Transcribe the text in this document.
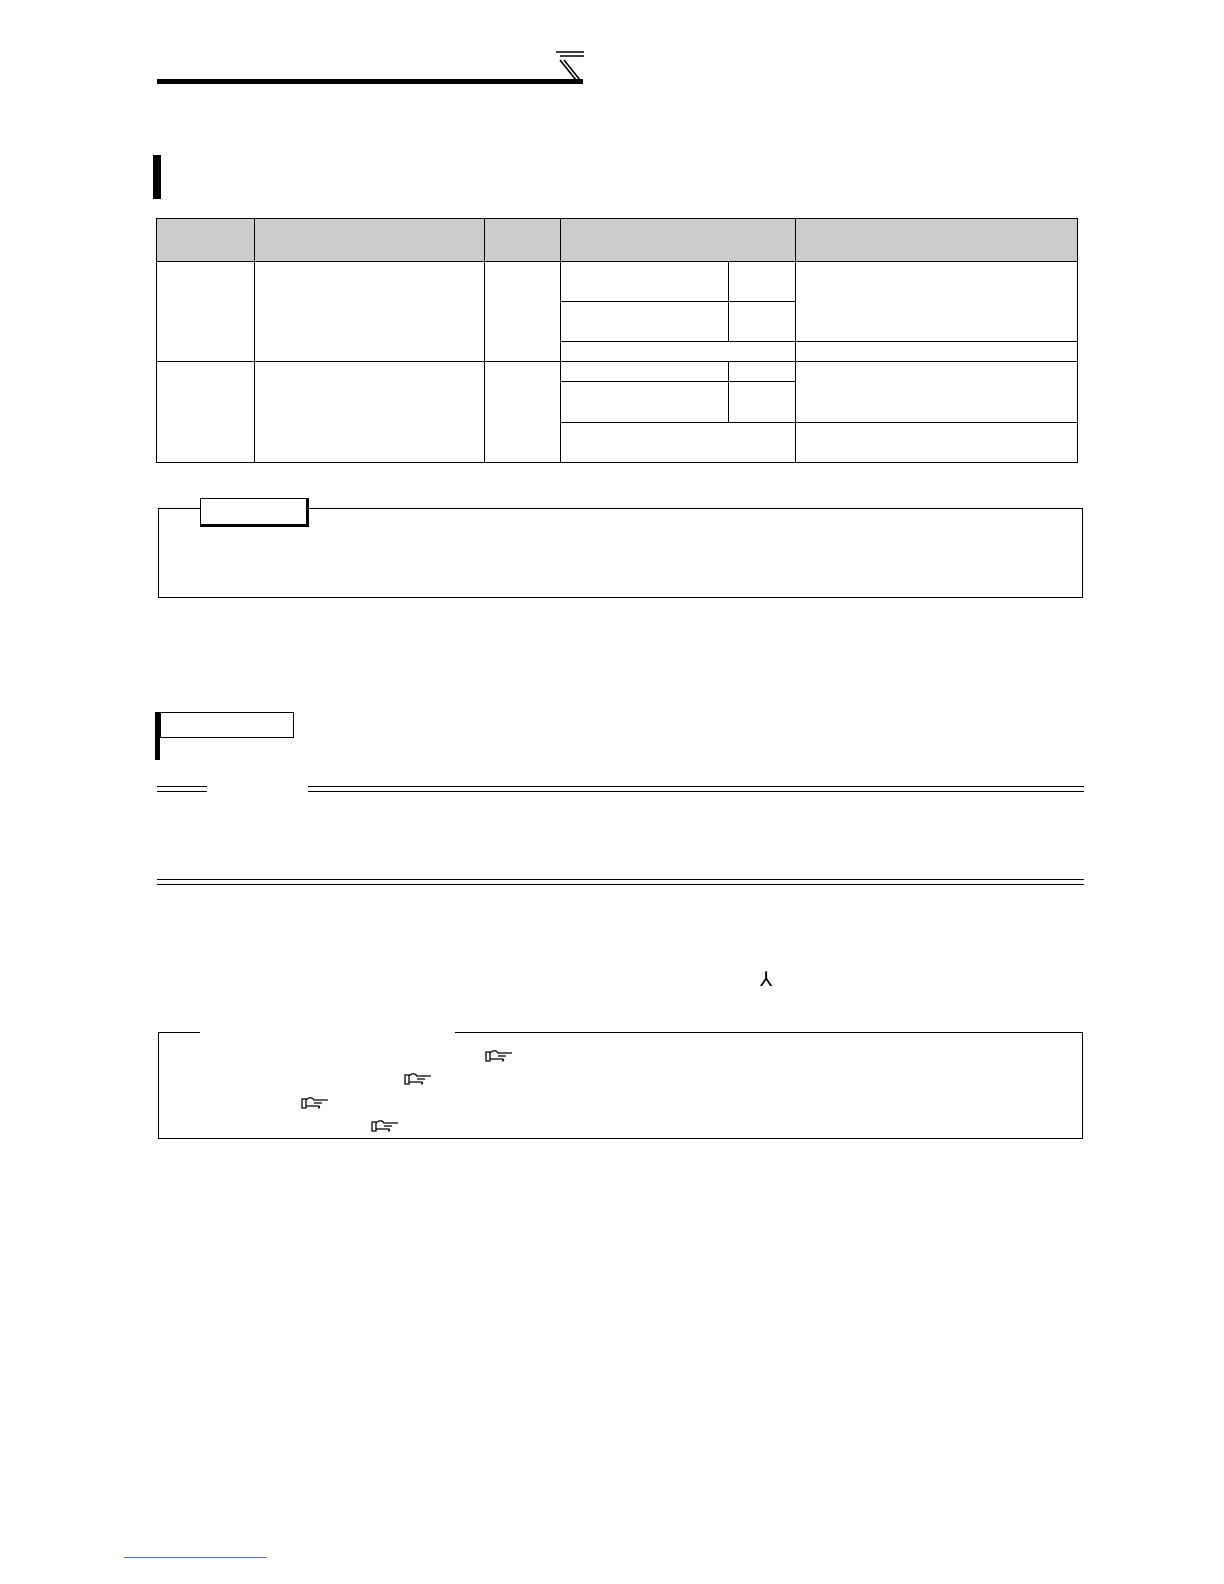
⅄
